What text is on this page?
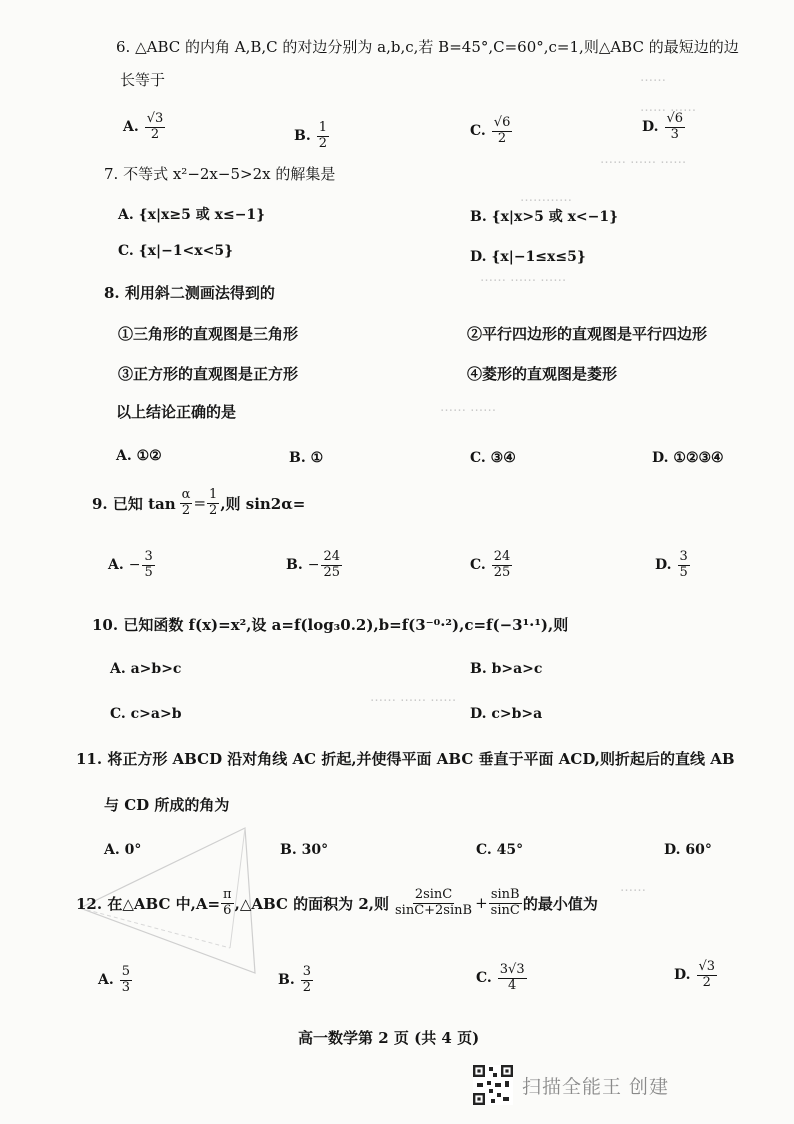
……
…… ……
…… …… ……
…………
…… …… ……
…… ……
…… …… ……
……
6. △ABC 的内角 A,B,C 的对边分别为 a,b,c,若 B=45°,C=60°,c=1,则△ABC 的最短边的边
长等于
A. $\frac{√3}{2}$	B. $\frac{1}{2}$	C. $\frac{√6}{2}$	D. $\frac{√6}{3}$
7. 不等式 x²−2x−5>2x 的解集是
A. {x|x≥5 或 x≤−1}	B. {x|x>5 或 x<−1}
C. {x|−1<x<5}	D. {x|−1≤x≤5}
8. 利用斜二测画法得到的
①三角形的直观图是三角形	②平行四边形的直观图是平行四边形
③正方形的直观图是正方形	④菱形的直观图是菱形
以上结论正确的是
A. ①②	B. ①	C. ③④	D. ①②③④
9. 已知 $\tan \frac{\alpha}{2} = \frac{1}{2}$ ,则 sin2α=
A. − $\frac{3}{5}$	B. − $\frac{24}{25}$	C. $\frac{24}{25}$	D. $\frac{3}{5}$
10. 已知函数 f(x)=x²,设 a=f(log₃0.2),b=f(3⁻⁰·²),c=f(−3¹·¹),则
A. a>b>c	B. b>a>c
C. c>a>b	D. c>b>a
11. 将正方形 ABCD 沿对角线 AC 折起,并使得平面 ABC 垂直于平面 ACD,则折起后的直线 AB
与 CD 所成的角为
A. 0°	B. 30°	C. 45°	D. 60°
12. 在△ABC 中$,A= \frac{\pi}{6}$ ,△ABC 的面积为 2,则 $\frac{2\sin C}{\sin C+2\sin B} + \frac{\sin B}{\sin C}$ 的最小值为
A. $\frac{5}{3}$	B. $\frac{3}{2}$	C. $\frac{3√3}{4}$	D. $\frac{√3}{2}$
高一数学第 2 页 (共 4 页)
扫描全能王 创建
